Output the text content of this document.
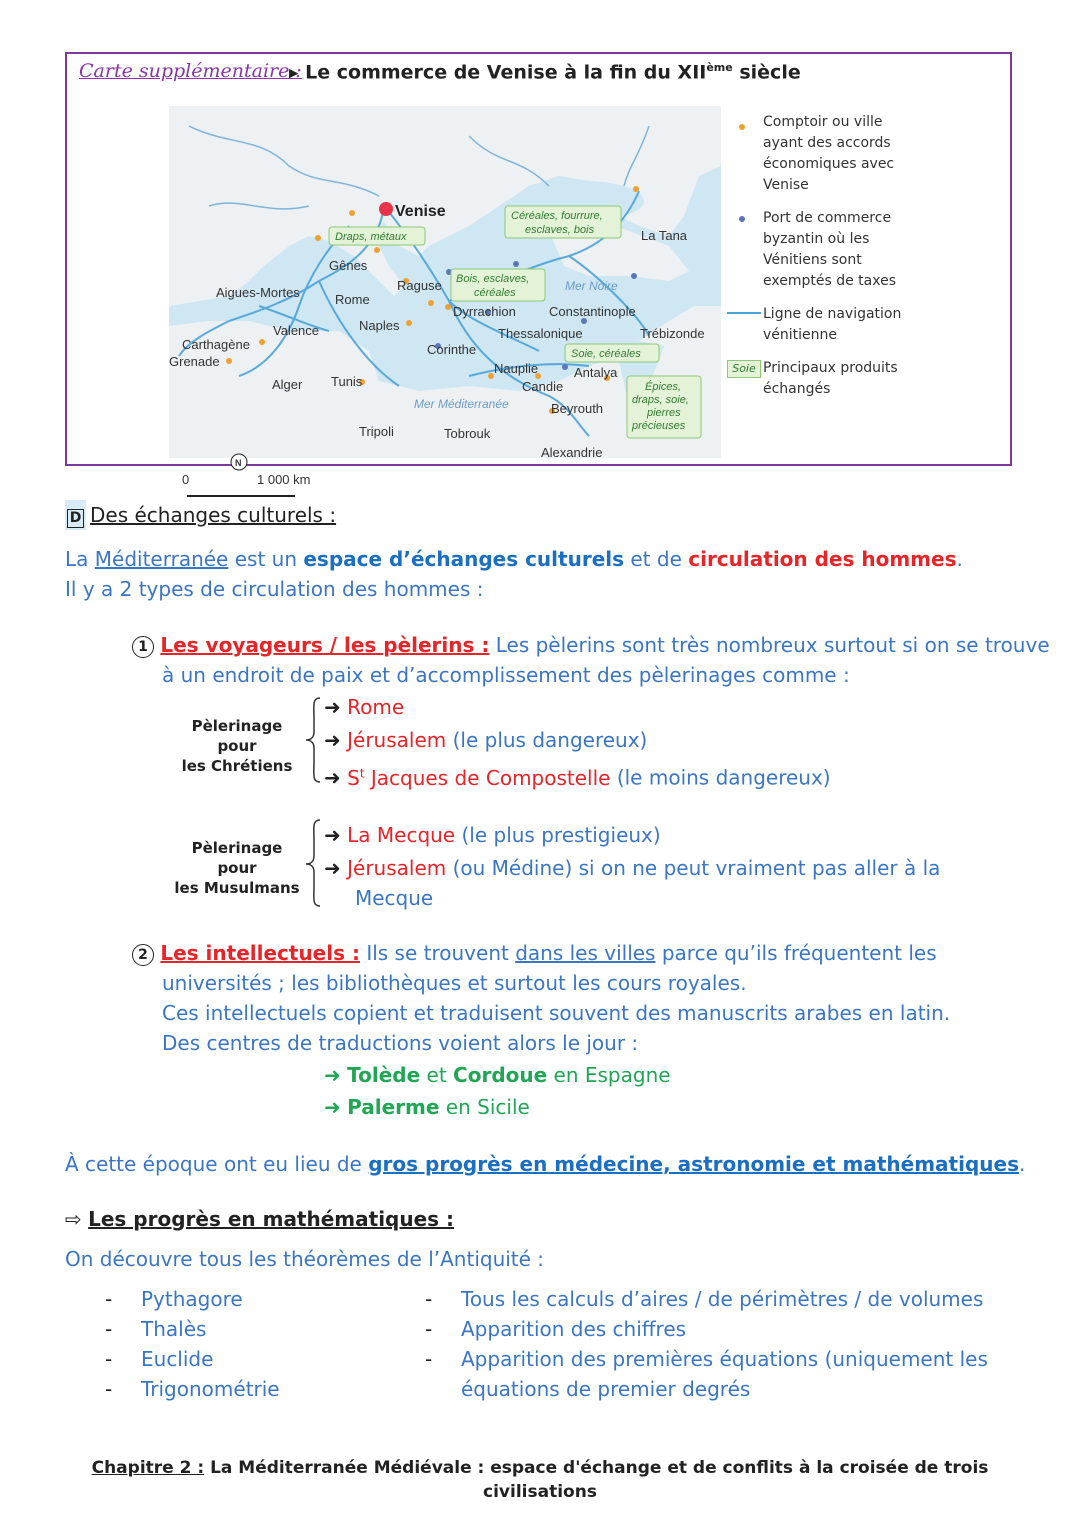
Carte supplémentaire :
▸ Le commerce de Venise à la fin du XIIème siècle
Draps, métaux
Céréales, fourrure,
esclaves, bois
Bois, esclaves,
céréales
Soie, céréales
Épices,
draps, soie,
pierres
précieuses
Mer Noire
Mer Méditerranée
Venise
Gênes
Aigues-Mortes	Rome
Raguse
Valence	Naples
Carthagène
Grenade
Dyrrachion	Constantinople
Thessalonique	Trébizonde
Corinthe
Nauplie	Antalya
Candie
Alger Tunis
Beyrouth
Tripoli	Tobrouk
Alexandrie
La Tana
0
N
1 000 km
Comptoir ou ville
ayant des accords
économiques avec
Venise
Port de commerce
byzantin où les
Vénitiens sont
exemptés de taxes
Ligne de navigation
vénitienne
Soie Principaux produits
échangés
D Des échanges culturels :
La Méditerranée est un espace d’échanges culturels et de circulation des hommes.
Il y a 2 types de circulation des hommes :
1 Les voyageurs / les pèlerins : Les pèlerins sont très nombreux surtout si on se trouve
à un endroit de paix et d’accomplissement des pèlerinages comme :
Pèlerinage pour
les Chrétiens
➜ Rome
➜ Jérusalem (le plus dangereux)
➜ $S^t$ Jacques de Compostelle (le moins dangereux)
Pèlerinage pour
les Musulmans
➜ La Mecque (le plus prestigieux)
➜ Jérusalem (ou Médine) si on ne peut vraiment pas aller à la
Mecque
2 Les intellectuels : Ils se trouvent dans les villes parce qu’ils fréquentent les
universités ; les bibliothèques et surtout les cours royales.
Ces intellectuels copient et traduisent souvent des manuscrits arabes en latin.
Des centres de traductions voient alors le jour :
➜ Tolède et Cordoue en Espagne
➜ Palerme en Sicile
À cette époque ont eu lieu de gros progrès en médecine, astronomie et mathématiques.
⇨ Les progrès en mathématiques :
On découvre tous les théorèmes de l’Antiquité :
- Pythagore
- Thalès
- Euclide
- Trigonométrie
- Tous les calculs d’aires / de périmètres / de volumes
- Apparition des chiffres
- Apparition des premières équations (uniquement les
équations de premier degrés
Chapitre 2 : La Méditerranée Médiévale : espace d'échange et de conflits à la croisée de trois
civilisations
